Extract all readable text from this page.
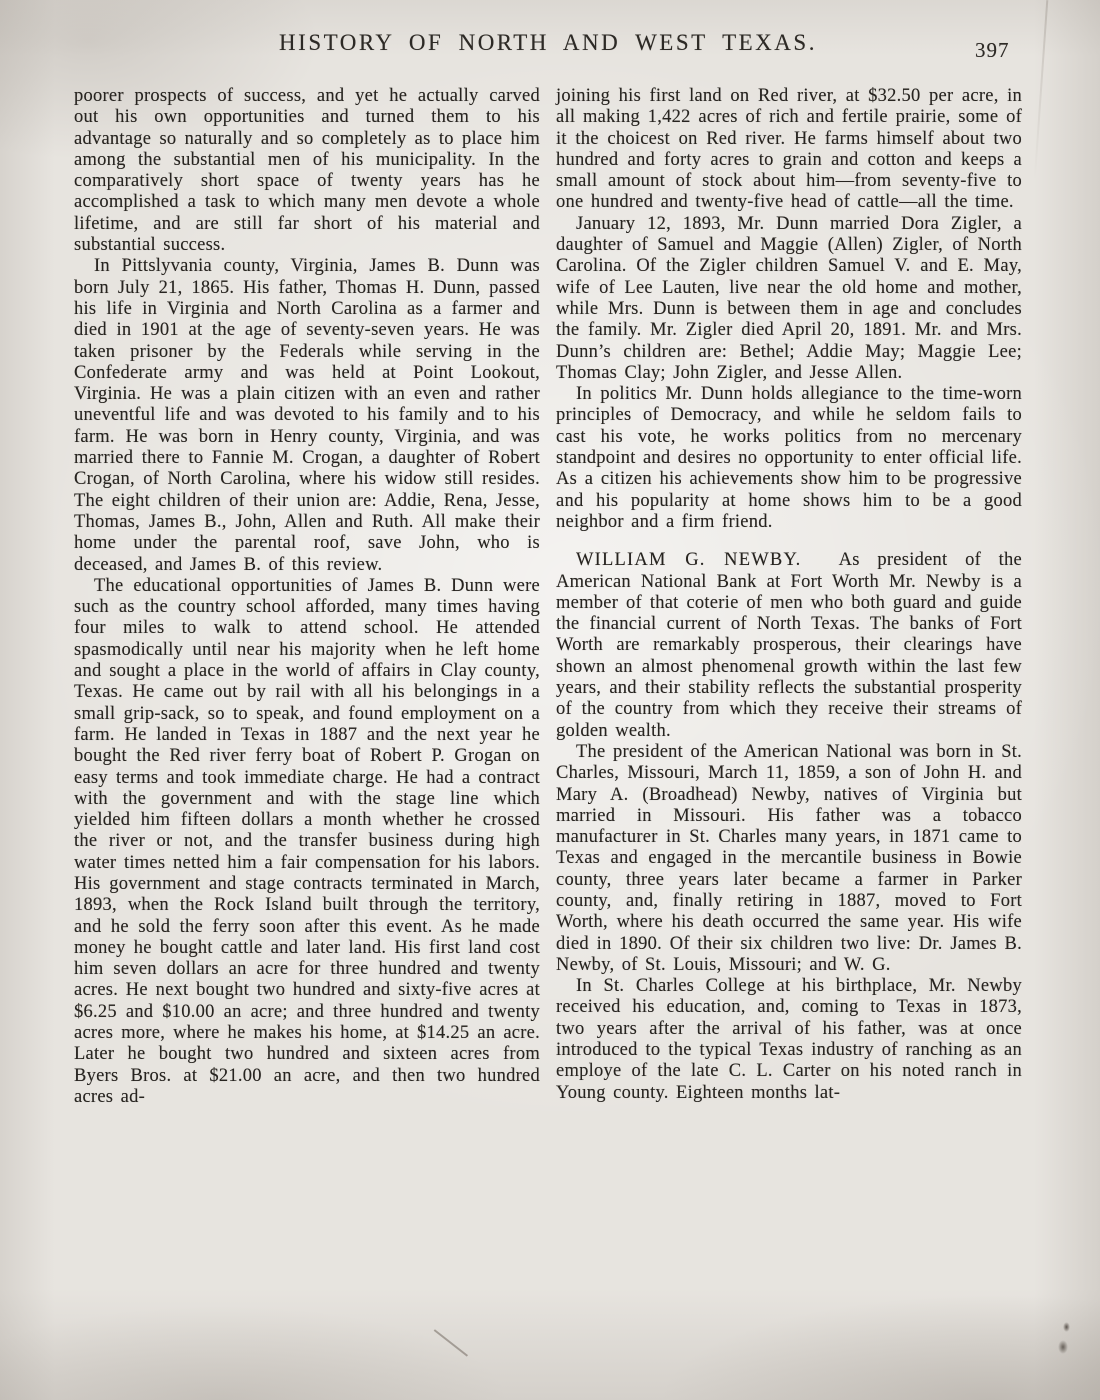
HISTORY OF NORTH AND WEST TEXAS.	397

poorer prospects of success, and yet he actually carved out his own opportunities and turned them to his advantage so naturally and so completely as to place him among the substantial men of his municipality. In the comparatively short space of twenty years has he accomplished a task to which many men devote a whole lifetime, and are still far short of his material and substantial success.

In Pittslyvania county, Virginia, James B. Dunn was born July 21, 1865. His father, Thomas H. Dunn, passed his life in Virginia and North Carolina as a farmer and died in 1901 at the age of seventy-seven years. He was taken prisoner by the Federals while serving in the Confederate army and was held at Point Lookout, Virginia. He was a plain citizen with an even and rather uneventful life and was devoted to his family and to his farm. He was born in Henry county, Virginia, and was married there to Fannie M. Crogan, a daughter of Robert Crogan, of North Carolina, where his widow still resides. The eight children of their union are: Addie, Rena, Jesse, Thomas, James B., John, Allen and Ruth. All make their home under the parental roof, save John, who is deceased, and James B. of this review.

The educational opportunities of James B. Dunn were such as the country school afforded, many times having four miles to walk to attend school. He attended spasmodically until near his majority when he left home and sought a place in the world of affairs in Clay county, Texas. He came out by rail with all his belongings in a small grip-sack, so to speak, and found employment on a farm. He landed in Texas in 1887 and the next year he bought the Red river ferry boat of Robert P. Grogan on easy terms and took immediate charge. He had a contract with the government and with the stage line which yielded him fifteen dollars a month whether he crossed the river or not, and the transfer business during high water times netted him a fair compensation for his labors. His government and stage contracts terminated in March, 1893, when the Rock Island built through the territory, and he sold the ferry soon after this event. As he made money he bought cattle and later land. His first land cost him seven dollars an acre for three hundred and twenty acres. He next bought two hundred and sixty-five acres at $6.25 and $10.00 an acre; and three hundred and twenty acres more, where he makes his home, at $14.25 an acre. Later he bought two hundred and sixteen acres from Byers Bros. at $21.00 an acre, and then two hundred acres ad-

joining his first land on Red river, at $32.50 per acre, in all making 1,422 acres of rich and fertile prairie, some of it the choicest on Red river. He farms himself about two hundred and forty acres to grain and cotton and keeps a small amount of stock about him—from seventy-five to one hundred and twenty-five head of cattle—all the time.

January 12, 1893, Mr. Dunn married Dora Zigler, a daughter of Samuel and Maggie (Allen) Zigler, of North Carolina. Of the Zigler children Samuel V. and E. May, wife of Lee Lauten, live near the old home and mother, while Mrs. Dunn is between them in age and concludes the family. Mr. Zigler died April 20, 1891. Mr. and Mrs. Dunn’s children are: Bethel; Addie May; Maggie Lee; Thomas Clay; John Zigler, and Jesse Allen.

In politics Mr. Dunn holds allegiance to the time-worn principles of Democracy, and while he seldom fails to cast his vote, he works politics from no mercenary standpoint and desires no opportunity to enter official life. As a citizen his achievements show him to be progressive and his popularity at home shows him to be a good neighbor and a firm friend.

WILLIAM G. NEWBY. As president of the American National Bank at Fort Worth Mr. Newby is a member of that coterie of men who both guard and guide the financial current of North Texas. The banks of Fort Worth are remarkably prosperous, their clearings have shown an almost phenomenal growth within the last few years, and their stability reflects the substantial prosperity of the country from which they receive their streams of golden wealth.

The president of the American National was born in St. Charles, Missouri, March 11, 1859, a son of John H. and Mary A. (Broadhead) Newby, natives of Virginia but married in Missouri. His father was a tobacco manufacturer in St. Charles many years, in 1871 came to Texas and engaged in the mercantile business in Bowie county, three years later became a farmer in Parker county, and, finally retiring in 1887, moved to Fort Worth, where his death occurred the same year. His wife died in 1890. Of their six children two live: Dr. James B. Newby, of St. Louis, Missouri; and W. G.

In St. Charles College at his birthplace, Mr. Newby received his education, and, coming to Texas in 1873, two years after the arrival of his father, was at once introduced to the typical Texas industry of ranching as an employe of the late C. L. Carter on his noted ranch in Young county. Eighteen months lat-
